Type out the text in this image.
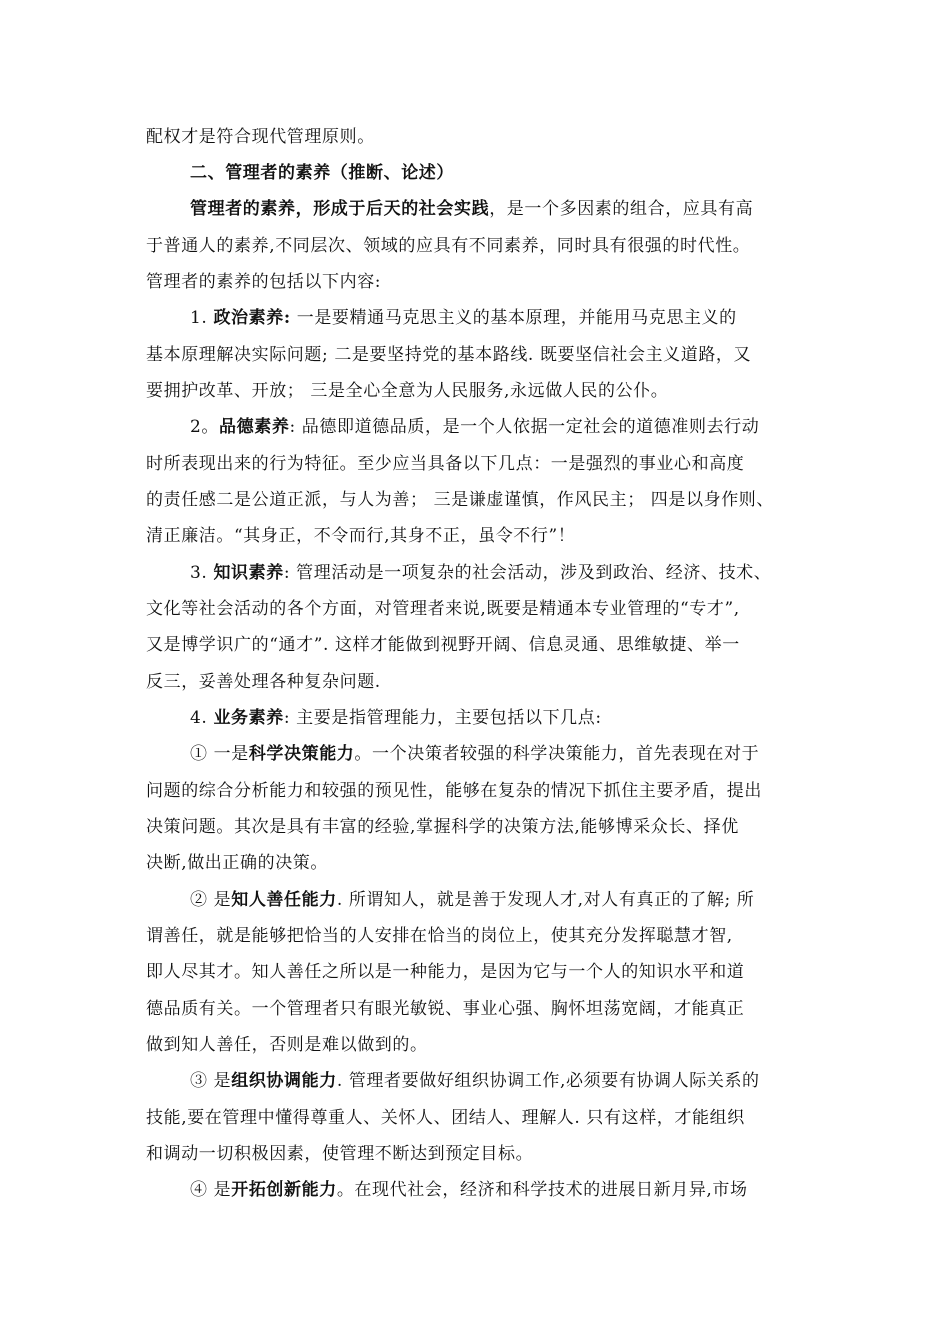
配权才是符合现代管理原则。
二、管理者的素养（推断、论述）
管理者的素养，形成于后天的社会实践，是一个多因素的组合，应具有高
于普通人的素养,不同层次、领域的应具有不同素养，同时具有很强的时代性。
管理者的素养的包括以下内容:
1. 政治素养: 一是要精通马克思主义的基本原理，并能用马克思主义的
基本原理解决实际问题; 二是要坚持党的基本路线. 既要坚信社会主义道路，又
要拥护改革、开放； 三是全心全意为人民服务,永远做人民的公仆。
2。品德素养: 品德即道德品质，是一个人依据一定社会的道德准则去行动
时所表现出来的行为特征。至少应当具备以下几点：一是强烈的事业心和高度
的责任感二是公道正派，与人为善； 三是谦虚谨慎，作风民主； 四是以身作则、
清正廉洁。“其身正，不令而行,其身不正，虽令不行”！
3. 知识素养: 管理活动是一项复杂的社会活动，涉及到政治、经济、技术、
文化等社会活动的各个方面，对管理者来说,既要是精通本专业管理的“专才”,
又是博学识广的“通才”. 这样才能做到视野开阔、信息灵通、思维敏捷、举一
反三，妥善处理各种复杂问题.
4. 业务素养: 主要是指管理能力，主要包括以下几点:
① 一是科学决策能力。一个决策者较强的科学决策能力，首先表现在对于
问题的综合分析能力和较强的预见性，能够在复杂的情况下抓住主要矛盾，提出
决策问题。其次是具有丰富的经验,掌握科学的决策方法,能够博采众长、择优
决断,做出正确的决策。
② 是知人善任能力. 所谓知人，就是善于发现人才,对人有真正的了解; 所
谓善任，就是能够把恰当的人安排在恰当的岗位上，使其充分发挥聪慧才智,
即人尽其才。知人善任之所以是一种能力，是因为它与一个人的知识水平和道
德品质有关。一个管理者只有眼光敏锐、事业心强、胸怀坦荡宽阔，才能真正
做到知人善任，否则是难以做到的。
③ 是组织协调能力. 管理者要做好组织协调工作,必须要有协调人际关系的
技能,要在管理中懂得尊重人、关怀人、团结人、理解人. 只有这样，才能组织
和调动一切积极因素，使管理不断达到预定目标。
④ 是开拓创新能力。在现代社会，经济和科学技术的进展日新月异,市场
